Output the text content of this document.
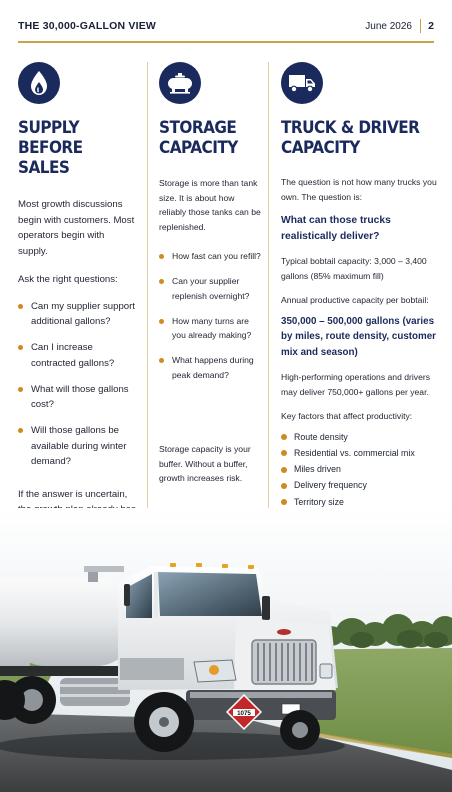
THE 30,000-GALLON VIEW	June 2026 2
SUPPLY
BEFORE SALES

Most growth discussions begin with customers. Most operators begin with supply.

Ask the right questions:

Can my supplier support additional gallons?
Can I increase contracted gallons?
What will those gallons cost?
Will those gallons be available during winter demand?

If the answer is uncertain,

STORAGE
CAPACITY

Storage is more than tank size. It is about how reliably those tanks can be replenished.

How fast can you refill?
Can your supplier replenish overnight?
How many turns are you already making?
What happens during peak demand?

Storage capacity is your buffer. Without a buffer, growth increases risk.

TRUCK & DRIVER
CAPACITY

The question is not how many trucks you own. The question is:

What can those trucks realistically deliver?

Typical bobtail capacity: 3,000 – 3,400 gallons (85% maximum fill)

Annual productive capacity per bobtail:

350,000 – 500,000 gallons (varies by miles, route density, customer mix and season)

High-performing operations and drivers may deliver 750,000+ gallons per year.

Key factors that affect productivity:

Route density
Residential vs. commercial mix
Miles driven
Delivery frequency
Territory size

1075
